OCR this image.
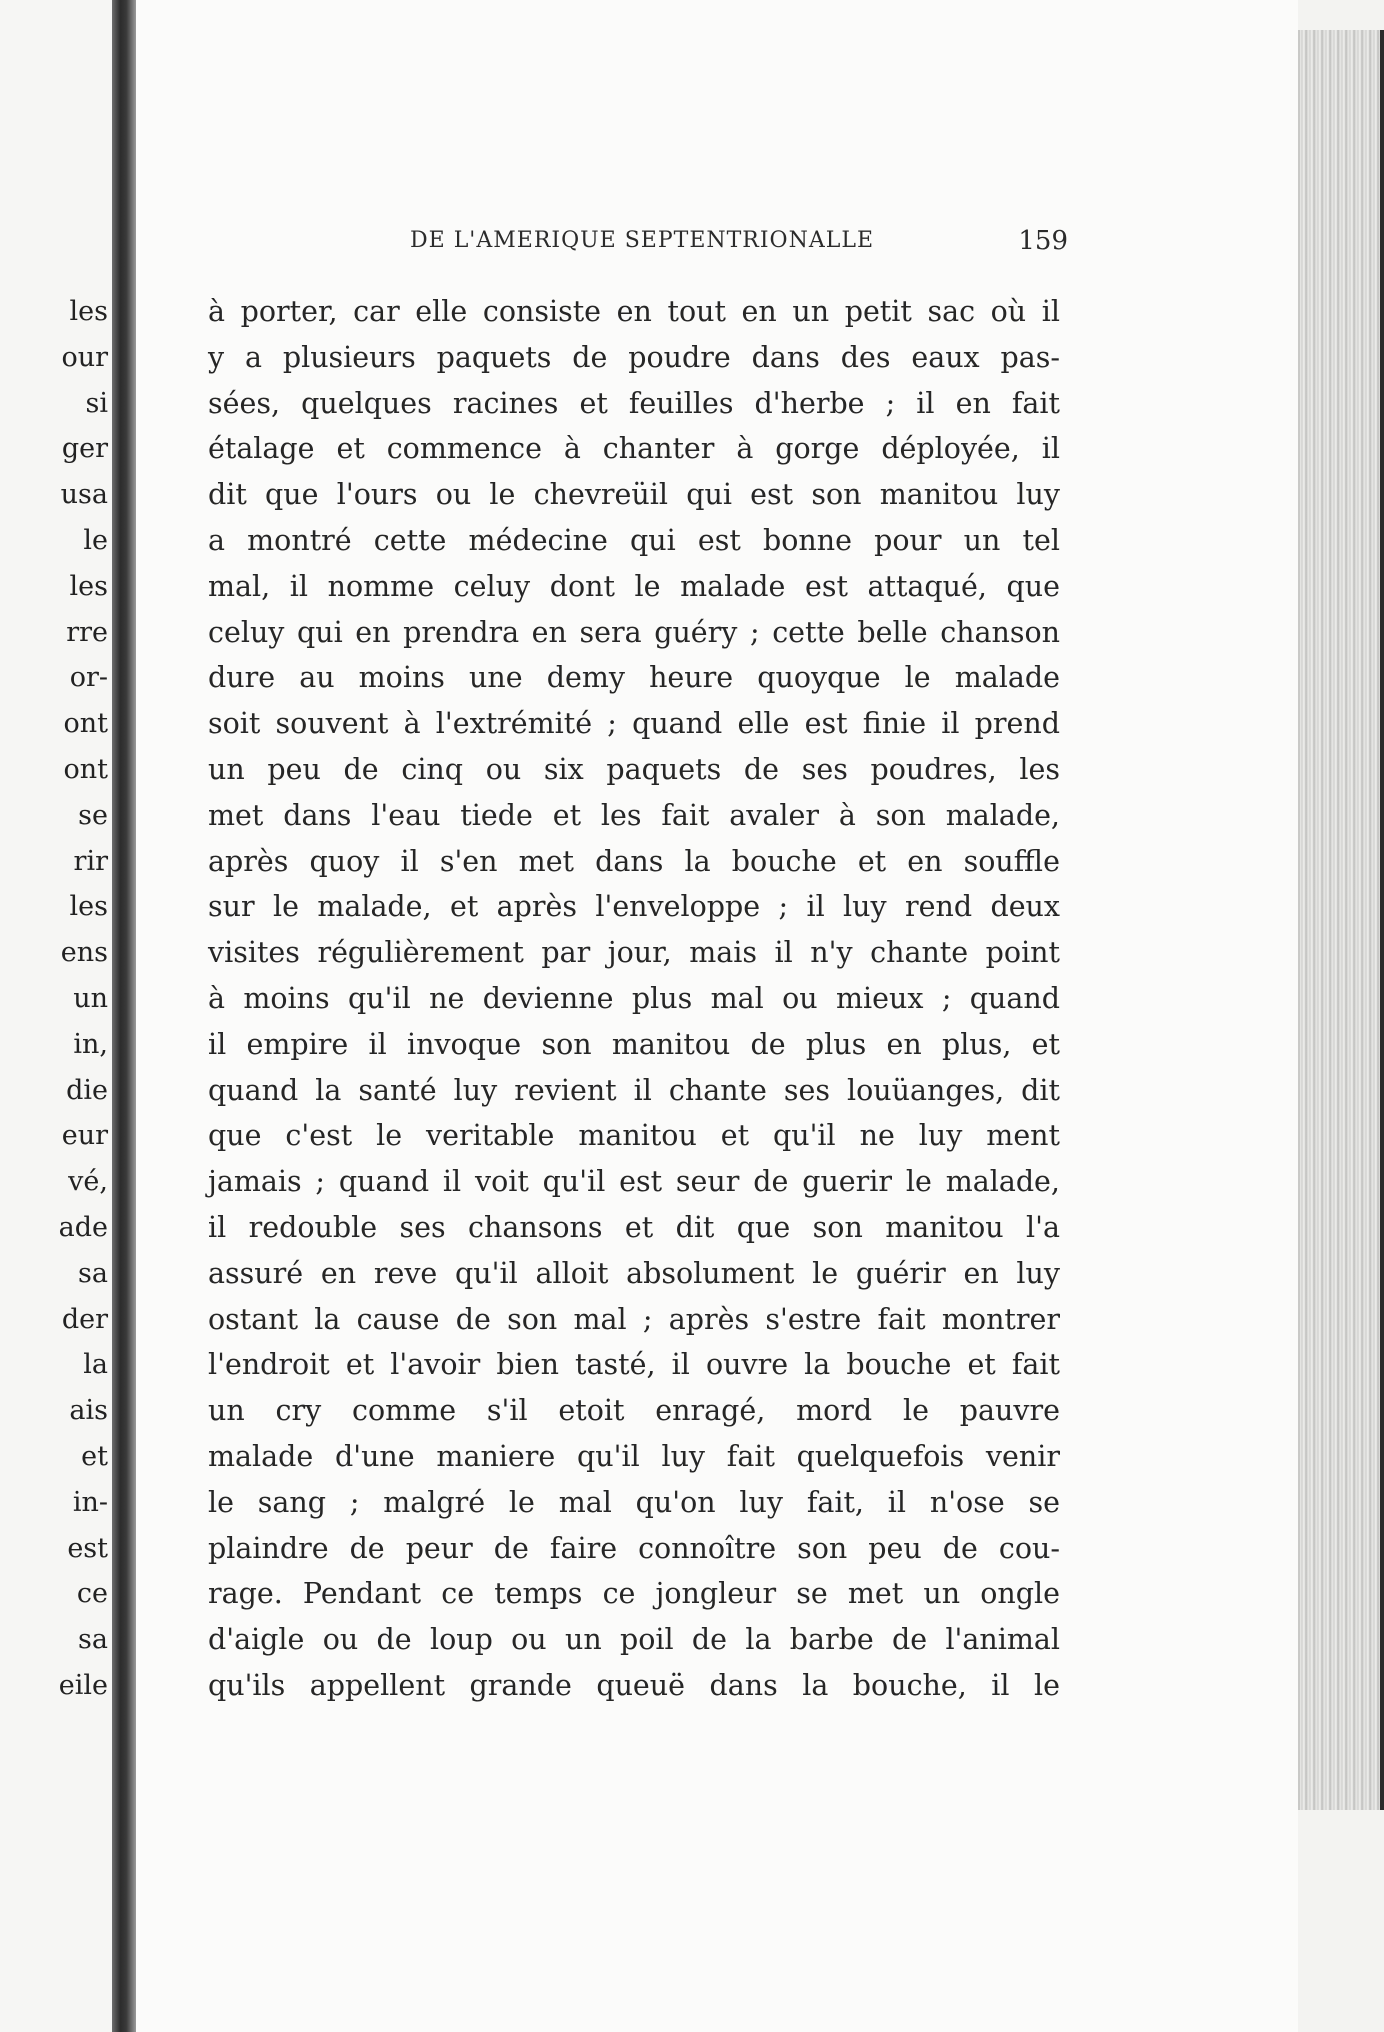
les
our
si
ger
usa
le
les
rre
or-
ont
ont
se
rir
les
ens
un
in,
die
eur
vé,
ade
sa
der
la
ais
et
in-
est
ce
sa
eile
DE L'AMERIQUE SEPTENTRIONALLE	159
à porter, car elle consiste en tout en un petit sac où il
y a plusieurs paquets de poudre dans des eaux pas-
sées, quelques racines et feuilles d'herbe ; il en fait
étalage et commence à chanter à gorge déployée, il
dit que l'ours ou le chevreüil qui est son manitou luy
a montré cette médecine qui est bonne pour un tel
mal, il nomme celuy dont le malade est attaqué, que
celuy qui en prendra en sera guéry ; cette belle chanson
dure au moins une demy heure quoyque le malade
soit souvent à l'extrémité ; quand elle est finie il prend
un peu de cinq ou six paquets de ses poudres, les
met dans l'eau tiede et les fait avaler à son malade,
après quoy il s'en met dans la bouche et en souffle
sur le malade, et après l'enveloppe ; il luy rend deux
visites régulièrement par jour, mais il n'y chante point
à moins qu'il ne devienne plus mal ou mieux ; quand
il empire il invoque son manitou de plus en plus, et
quand la santé luy revient il chante ses louüanges, dit
que c'est le veritable manitou et qu'il ne luy ment
jamais ; quand il voit qu'il est seur de guerir le malade,
il redouble ses chansons et dit que son manitou l'a
assuré en reve qu'il alloit absolument le guérir en luy
ostant la cause de son mal ; après s'estre fait montrer
l'endroit et l'avoir bien tasté, il ouvre la bouche et fait
un cry comme s'il etoit enragé, mord le pauvre
malade d'une maniere qu'il luy fait quelquefois venir
le sang ; malgré le mal qu'on luy fait, il n'ose se
plaindre de peur de faire connoître son peu de cou-
rage. Pendant ce temps ce jongleur se met un ongle
d'aigle ou de loup ou un poil de la barbe de l'animal
qu'ils appellent grande queuë dans la bouche, il le
